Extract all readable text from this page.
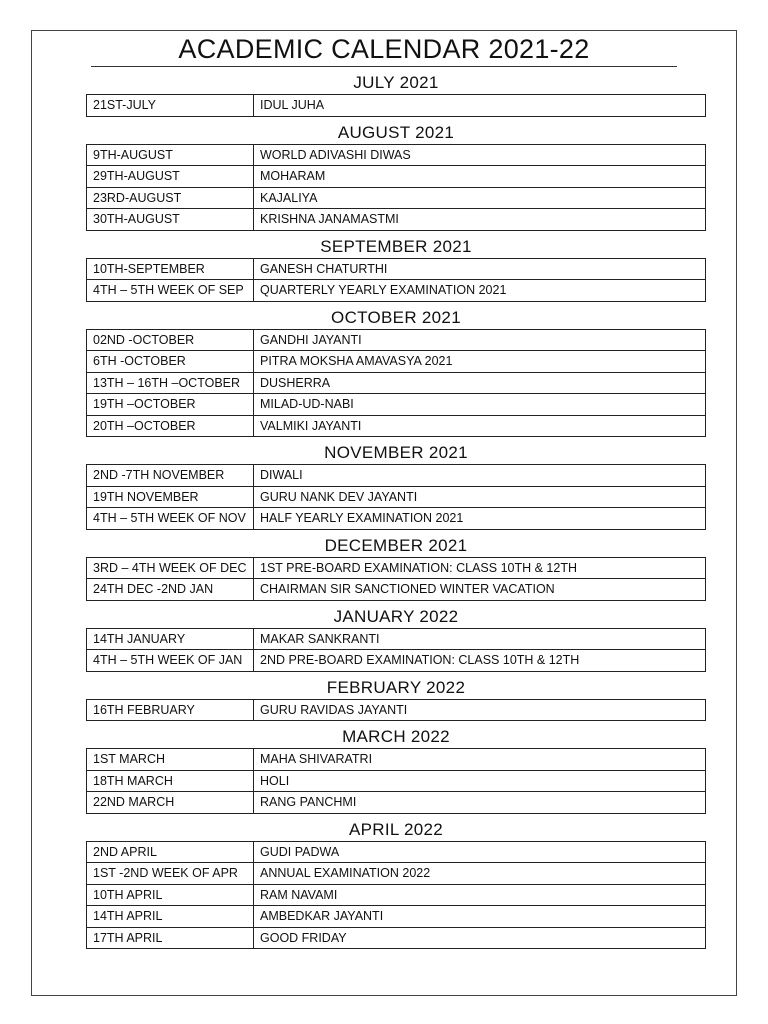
ACADEMIC CALENDAR 2021-22
JULY 2021
21ST-JULY	IDUL JUHA
AUGUST 2021
9TH-AUGUST	WORLD ADIVASHI DIWAS
29TH-AUGUST	MOHARAM
23RD-AUGUST	KAJALIYA
30TH-AUGUST	KRISHNA JANAMASTMI
SEPTEMBER 2021
10TH-SEPTEMBER	GANESH CHATURTHI
4TH – 5TH WEEK OF SEP	QUARTERLY YEARLY EXAMINATION 2021
OCTOBER 2021
02ND -OCTOBER	GANDHI JAYANTI
6TH -OCTOBER	PITRA MOKSHA AMAVASYA 2021
13TH – 16TH –OCTOBER	DUSHERRA
19TH –OCTOBER	MILAD-UD-NABI
20TH –OCTOBER	VALMIKI JAYANTI
NOVEMBER 2021
2ND -7TH NOVEMBER	DIWALI
19TH NOVEMBER	GURU NANK DEV JAYANTI
4TH – 5TH WEEK OF NOV	HALF YEARLY EXAMINATION 2021
DECEMBER 2021
3RD – 4TH WEEK OF DEC	1ST PRE-BOARD EXAMINATION: CLASS 10TH & 12TH
24TH DEC -2ND JAN	CHAIRMAN SIR SANCTIONED WINTER VACATION
JANUARY 2022
14TH JANUARY	MAKAR SANKRANTI
4TH – 5TH WEEK OF JAN	2ND PRE-BOARD EXAMINATION: CLASS 10TH & 12TH
FEBRUARY 2022
16TH FEBRUARY	GURU RAVIDAS JAYANTI
MARCH 2022
1ST MARCH	MAHA SHIVARATRI
18TH MARCH	HOLI
22ND MARCH	RANG PANCHMI
APRIL 2022
2ND APRIL	GUDI PADWA
1ST -2ND WEEK OF APR	ANNUAL EXAMINATION 2022
10TH APRIL	RAM NAVAMI
14TH APRIL	AMBEDKAR JAYANTI
17TH APRIL	GOOD FRIDAY
